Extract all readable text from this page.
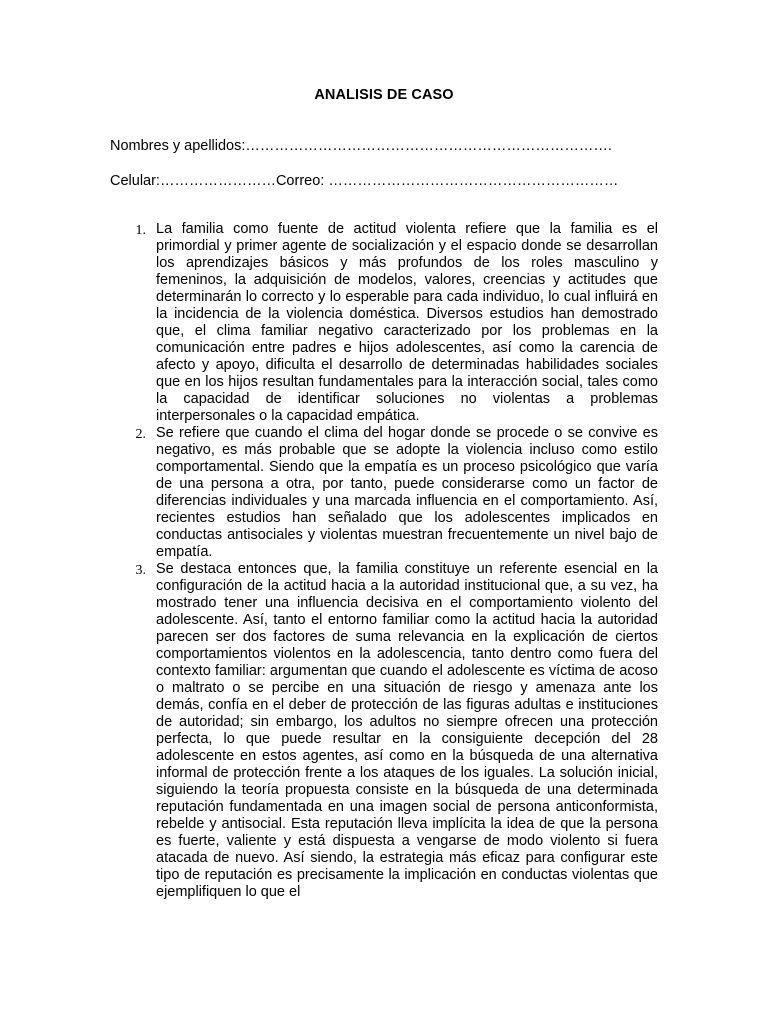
ANALISIS DE CASO
Nombres y apellidos:………………………………………………………………….
Celular:……………………Correo: ……………………………………………………
1. La familia como fuente de actitud violenta refiere que la familia es el primordial y primer agente de socialización y el espacio donde se desarrollan los aprendizajes básicos y más profundos de los roles masculino y femeninos, la adquisición de modelos, valores, creencias y actitudes que determinarán lo correcto y lo esperable para cada individuo, lo cual influirá en la incidencia de la violencia doméstica. Diversos estudios han demostrado que, el clima familiar negativo caracterizado por los problemas en la comunicación entre padres e hijos adolescentes, así como la carencia de afecto y apoyo, dificulta el desarrollo de determinadas habilidades sociales que en los hijos resultan fundamentales para la interacción social, tales como la capacidad de identificar soluciones no violentas a problemas interpersonales o la capacidad empática.
2. Se refiere que cuando el clima del hogar donde se procede o se convive es negativo, es más probable que se adopte la violencia incluso como estilo comportamental. Siendo que la empatía es un proceso psicológico que varía de una persona a otra, por tanto, puede considerarse como un factor de diferencias individuales y una marcada influencia en el comportamiento. Así, recientes estudios han señalado que los adolescentes implicados en conductas antisociales y violentas muestran frecuentemente un nivel bajo de empatía.
3. Se destaca entonces que, la familia constituye un referente esencial en la configuración de la actitud hacia a la autoridad institucional que, a su vez, ha mostrado tener una influencia decisiva en el comportamiento violento del adolescente. Así, tanto el entorno familiar como la actitud hacia la autoridad parecen ser dos factores de suma relevancia en la explicación de ciertos comportamientos violentos en la adolescencia, tanto dentro como fuera del contexto familiar: argumentan que cuando el adolescente es víctima de acoso o maltrato o se percibe en una situación de riesgo y amenaza ante los demás, confía en el deber de protección de las figuras adultas e instituciones de autoridad; sin embargo, los adultos no siempre ofrecen una protección perfecta, lo que puede resultar en la consiguiente decepción del 28 adolescente en estos agentes, así como en la búsqueda de una alternativa informal de protección frente a los ataques de los iguales. La solución inicial, siguiendo la teoría propuesta consiste en la búsqueda de una determinada reputación fundamentada en una imagen social de persona anticonformista, rebelde y antisocial. Esta reputación lleva implícita la idea de que la persona es fuerte, valiente y está dispuesta a vengarse de modo violento si fuera atacada de nuevo. Así siendo, la estrategia más eficaz para configurar este tipo de reputación es precisamente la implicación en conductas violentas que ejemplifiquen lo que el
